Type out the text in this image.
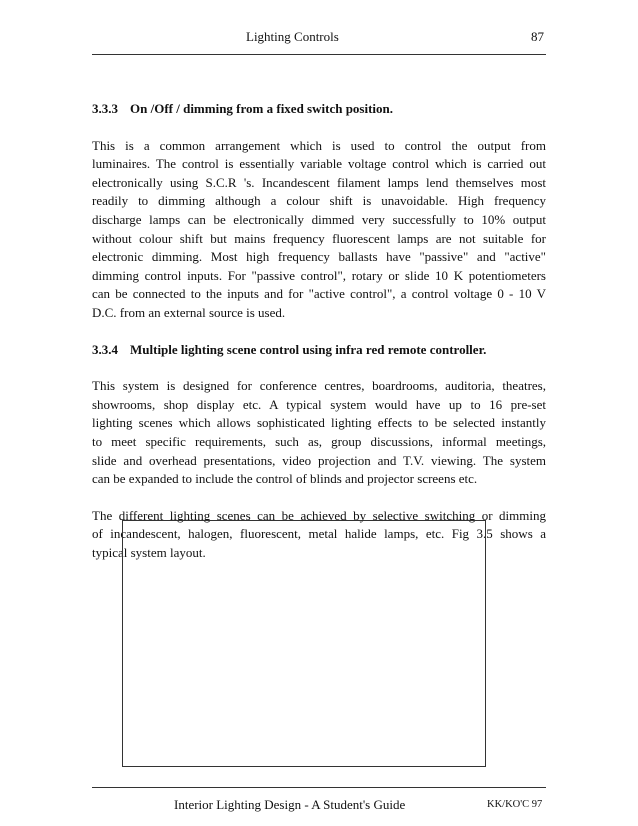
Lighting Controls	87
3.3.3 On /Off / dimming from a fixed switch position.
This is a common arrangement which is used to control the output from
luminaires. The control is essentially variable voltage control which is carried out
electronically using S.C.R 's. Incandescent filament lamps lend themselves most
readily to dimming although a colour shift is unavoidable. High frequency
discharge lamps can be electronically dimmed very successfully to 10% output
without colour shift but mains frequency fluorescent lamps are not suitable for
electronic dimming. Most high frequency ballasts have "passive" and "active"
dimming control inputs. For "passive control", rotary or slide 10 K potentiometers
can be connected to the inputs and for "active control", a control voltage 0 - 10 V
D.C. from an external source is used.
3.3.4 Multiple lighting scene control using infra red remote controller.
This system is designed for conference centres, boardrooms, auditoria, theatres,
showrooms, shop display etc. A typical system would have up to 16 pre-set
lighting scenes which allows sophisticated lighting effects to be selected instantly
to meet specific requirements, such as, group discussions, informal meetings,
slide and overhead presentations, video projection and T.V. viewing. The system
can be expanded to include the control of blinds and projector screens etc.
The different lighting scenes can be achieved by selective switching or dimming
of incandescent, halogen, fluorescent, metal halide lamps, etc. Fig 3.5 shows a
typical system layout.
Interior Lighting Design - A Student's Guide	KK/KO'C 97
